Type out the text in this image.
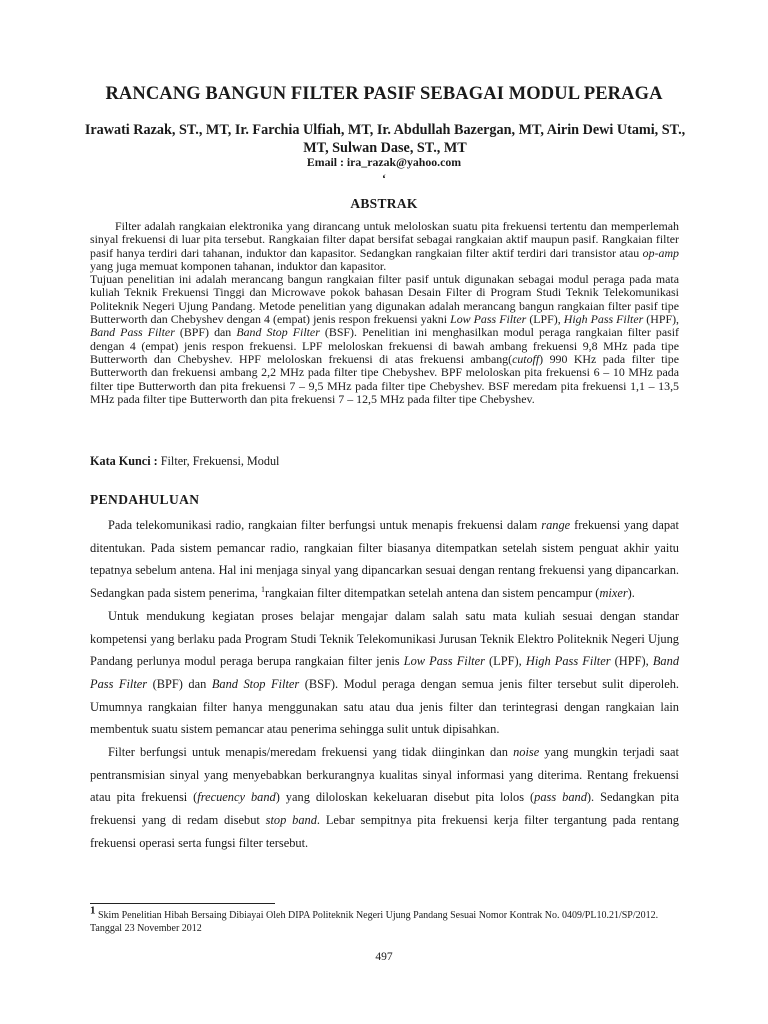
RANCANG BANGUN FILTER PASIF SEBAGAI MODUL PERAGA
Irawati Razak, ST., MT, Ir. Farchia Ulfiah, MT, Ir. Abdullah Bazergan, MT, Airin Dewi Utami, ST., MT, Sulwan Dase, ST., MT
Email : ira_razak@yahoo.com
‘
ABSTRAK

Filter adalah rangkaian elektronika yang dirancang untuk meloloskan suatu pita frekuensi tertentu dan memperlemah sinyal frekuensi di luar pita tersebut. Rangkaian filter dapat bersifat sebagai rangkaian aktif maupun pasif. Rangkaian filter pasif hanya terdiri dari tahanan, induktor dan kapasitor. Sedangkan rangkaian filter aktif terdiri dari transistor atau op-amp yang juga memuat komponen tahanan, induktor dan kapasitor.

Tujuan penelitian ini adalah merancang bangun rangkaian filter pasif untuk digunakan sebagai modul peraga pada mata kuliah Teknik Frekuensi Tinggi dan Microwave pokok bahasan Desain Filter di Program Studi Teknik Telekomunikasi Politeknik Negeri Ujung Pandang. Metode penelitian yang digunakan adalah merancang bangun rangkaian filter pasif tipe Butterworth dan Chebyshev dengan 4 (empat) jenis respon frekuensi yakni Low Pass Filter (LPF), High Pass Filter (HPF), Band Pass Filter (BPF) dan Band Stop Filter (BSF). Penelitian ini menghasilkan modul peraga rangkaian filter pasif dengan 4 (empat) jenis respon frekuensi. LPF meloloskan frekuensi di bawah ambang frekuensi 9,8 MHz pada tipe Butterworth dan Chebyshev. HPF meloloskan frekuensi di atas frekuensi ambang(cutoff) 990 KHz pada filter tipe Butterworth dan frekuensi ambang 2,2 MHz pada filter tipe Chebyshev. BPF meloloskan pita frekuensi 6 – 10 MHz pada filter tipe Butterworth dan pita frekuensi 7 – 9,5 MHz pada filter tipe Chebyshev. BSF meredam pita frekuensi 1,1 – 13,5 MHz pada filter tipe Butterworth dan pita frekuensi 7 – 12,5 MHz pada filter tipe Chebyshev.

Kata Kunci : Filter, Frekuensi, Modul
PENDAHULUAN

Pada telekomunikasi radio, rangkaian filter berfungsi untuk menapis frekuensi dalam range frekuensi yang dapat ditentukan. Pada sistem pemancar radio, rangkaian filter biasanya ditempatkan setelah sistem penguat akhir yaitu tepatnya sebelum antena. Hal ini menjaga sinyal yang dipancarkan sesuai dengan rentang frekuensi yang dipancarkan. Sedangkan pada sistem penerima, $^1$rangkaian filter ditempatkan setelah antena dan sistem pencampur (mixer).

Untuk mendukung kegiatan proses belajar mengajar dalam salah satu mata kuliah sesuai dengan standar kompetensi yang berlaku pada Program Studi Teknik Telekomunikasi Jurusan Teknik Elektro Politeknik Negeri Ujung Pandang perlunya modul peraga berupa rangkaian filter jenis Low Pass Filter (LPF), High Pass Filter (HPF), Band Pass Filter (BPF) dan Band Stop Filter (BSF). Modul peraga dengan semua jenis filter tersebut sulit diperoleh. Umumnya rangkaian filter hanya menggunakan satu atau dua jenis filter dan terintegrasi dengan rangkaian lain membentuk suatu sistem pemancar atau penerima sehingga sulit untuk dipisahkan.

Filter berfungsi untuk menapis/meredam frekuensi yang tidak diinginkan dan noise yang mungkin terjadi saat pentransmisian sinyal yang menyebabkan berkurangnya kualitas sinyal informasi yang diterima. Rentang frekuensi atau pita frekuensi (frecuency band) yang diloloskan kekeluaran disebut pita lolos (pass band). Sedangkan pita frekuensi yang di redam disebut stop band. Lebar sempitnya pita frekuensi kerja filter tergantung pada rentang frekuensi operasi serta fungsi filter tersebut.

$^1$ Skim Penelitian Hibah Bersaing Dibiayai Oleh DIPA Politeknik Negeri Ujung Pandang Sesuai Nomor Kontrak No. 0409/PL10.21/SP/2012. Tanggal 23 November 2012
497
